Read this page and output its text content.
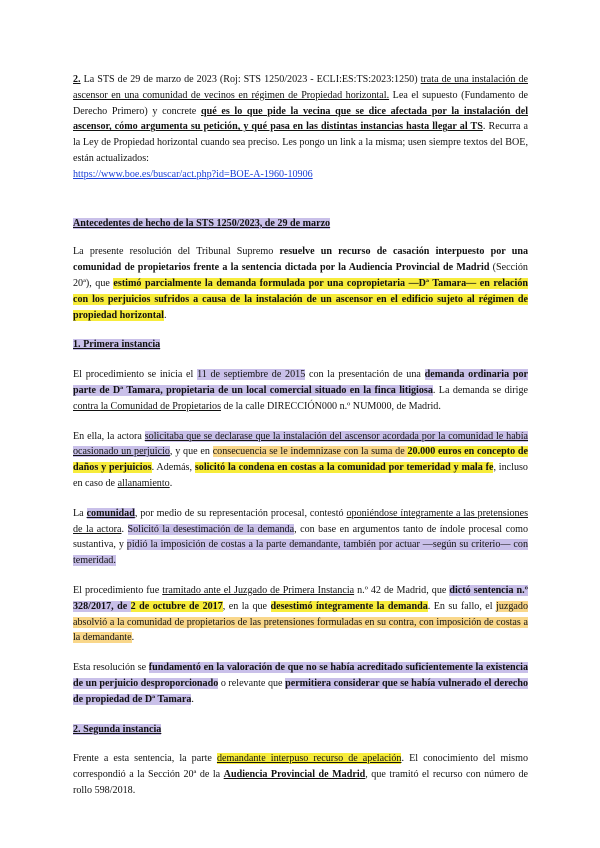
2. La STS de 29 de marzo de 2023 (Roj: STS 1250/2023 - ECLI:ES:TS:2023:1250) trata de una instalación de ascensor en una comunidad de vecinos en régimen de Propiedad horizontal. Lea el supuesto (Fundamento de Derecho Primero) y concrete qué es lo que pide la vecina que se dice afectada por la instalación del ascensor, cómo argumenta su petición, y qué pasa en las distintas instancias hasta llegar al TS. Recurra a la Ley de Propiedad horizontal cuando sea preciso. Les pongo un link a la misma; usen siempre textos del BOE, están actualizados:
https://www.boe.es/buscar/act.php?id=BOE-A-1960-10906

Antecedentes de hecho de la STS 1250/2023, de 29 de marzo

La presente resolución del Tribunal Supremo resuelve un recurso de casación interpuesto por una comunidad de propietarios frente a la sentencia dictada por la Audiencia Provincial de Madrid (Sección 20ª), que estimó parcialmente la demanda formulada por una copropietaria —Dª Tamara— en relación con los perjuicios sufridos a causa de la instalación de un ascensor en el edificio sujeto al régimen de propiedad horizontal.

1. Primera instancia

El procedimiento se inicia el 11 de septiembre de 2015 con la presentación de una demanda ordinaria por parte de Dª Tamara, propietaria de un local comercial situado en la finca litigiosa. La demanda se dirige contra la Comunidad de Propietarios de la calle DIRECCIÓN000 n.º NUM000, de Madrid.

En ella, la actora solicitaba que se declarase que la instalación del ascensor acordada por la comunidad le había ocasionado un perjuicio, y que en consecuencia se le indemnizase con la suma de 20.000 euros en concepto de daños y perjuicios. Además, solicitó la condena en costas a la comunidad por temeridad y mala fe, incluso en caso de allanamiento.

La comunidad, por medio de su representación procesal, contestó oponiéndose íntegramente a las pretensiones de la actora. Solicitó la desestimación de la demanda, con base en argumentos tanto de índole procesal como sustantiva, y pidió la imposición de costas a la parte demandante, también por actuar —según su criterio— con temeridad.

El procedimiento fue tramitado ante el Juzgado de Primera Instancia n.º 42 de Madrid, que dictó sentencia n.º 328/2017, de 2 de octubre de 2017, en la que desestimó íntegramente la demanda. En su fallo, el juzgado absolvió a la comunidad de propietarios de las pretensiones formuladas en su contra, con imposición de costas a la demandante.

Esta resolución se fundamentó en la valoración de que no se había acreditado suficientemente la existencia de un perjuicio desproporcionado o relevante que permitiera considerar que se había vulnerado el derecho de propiedad de Dª Tamara.

2. Segunda instancia

Frente a esta sentencia, la parte demandante interpuso recurso de apelación. El conocimiento del mismo correspondió a la Sección 20ª de la Audiencia Provincial de Madrid, que tramitó el recurso con número de rollo 598/2018.
